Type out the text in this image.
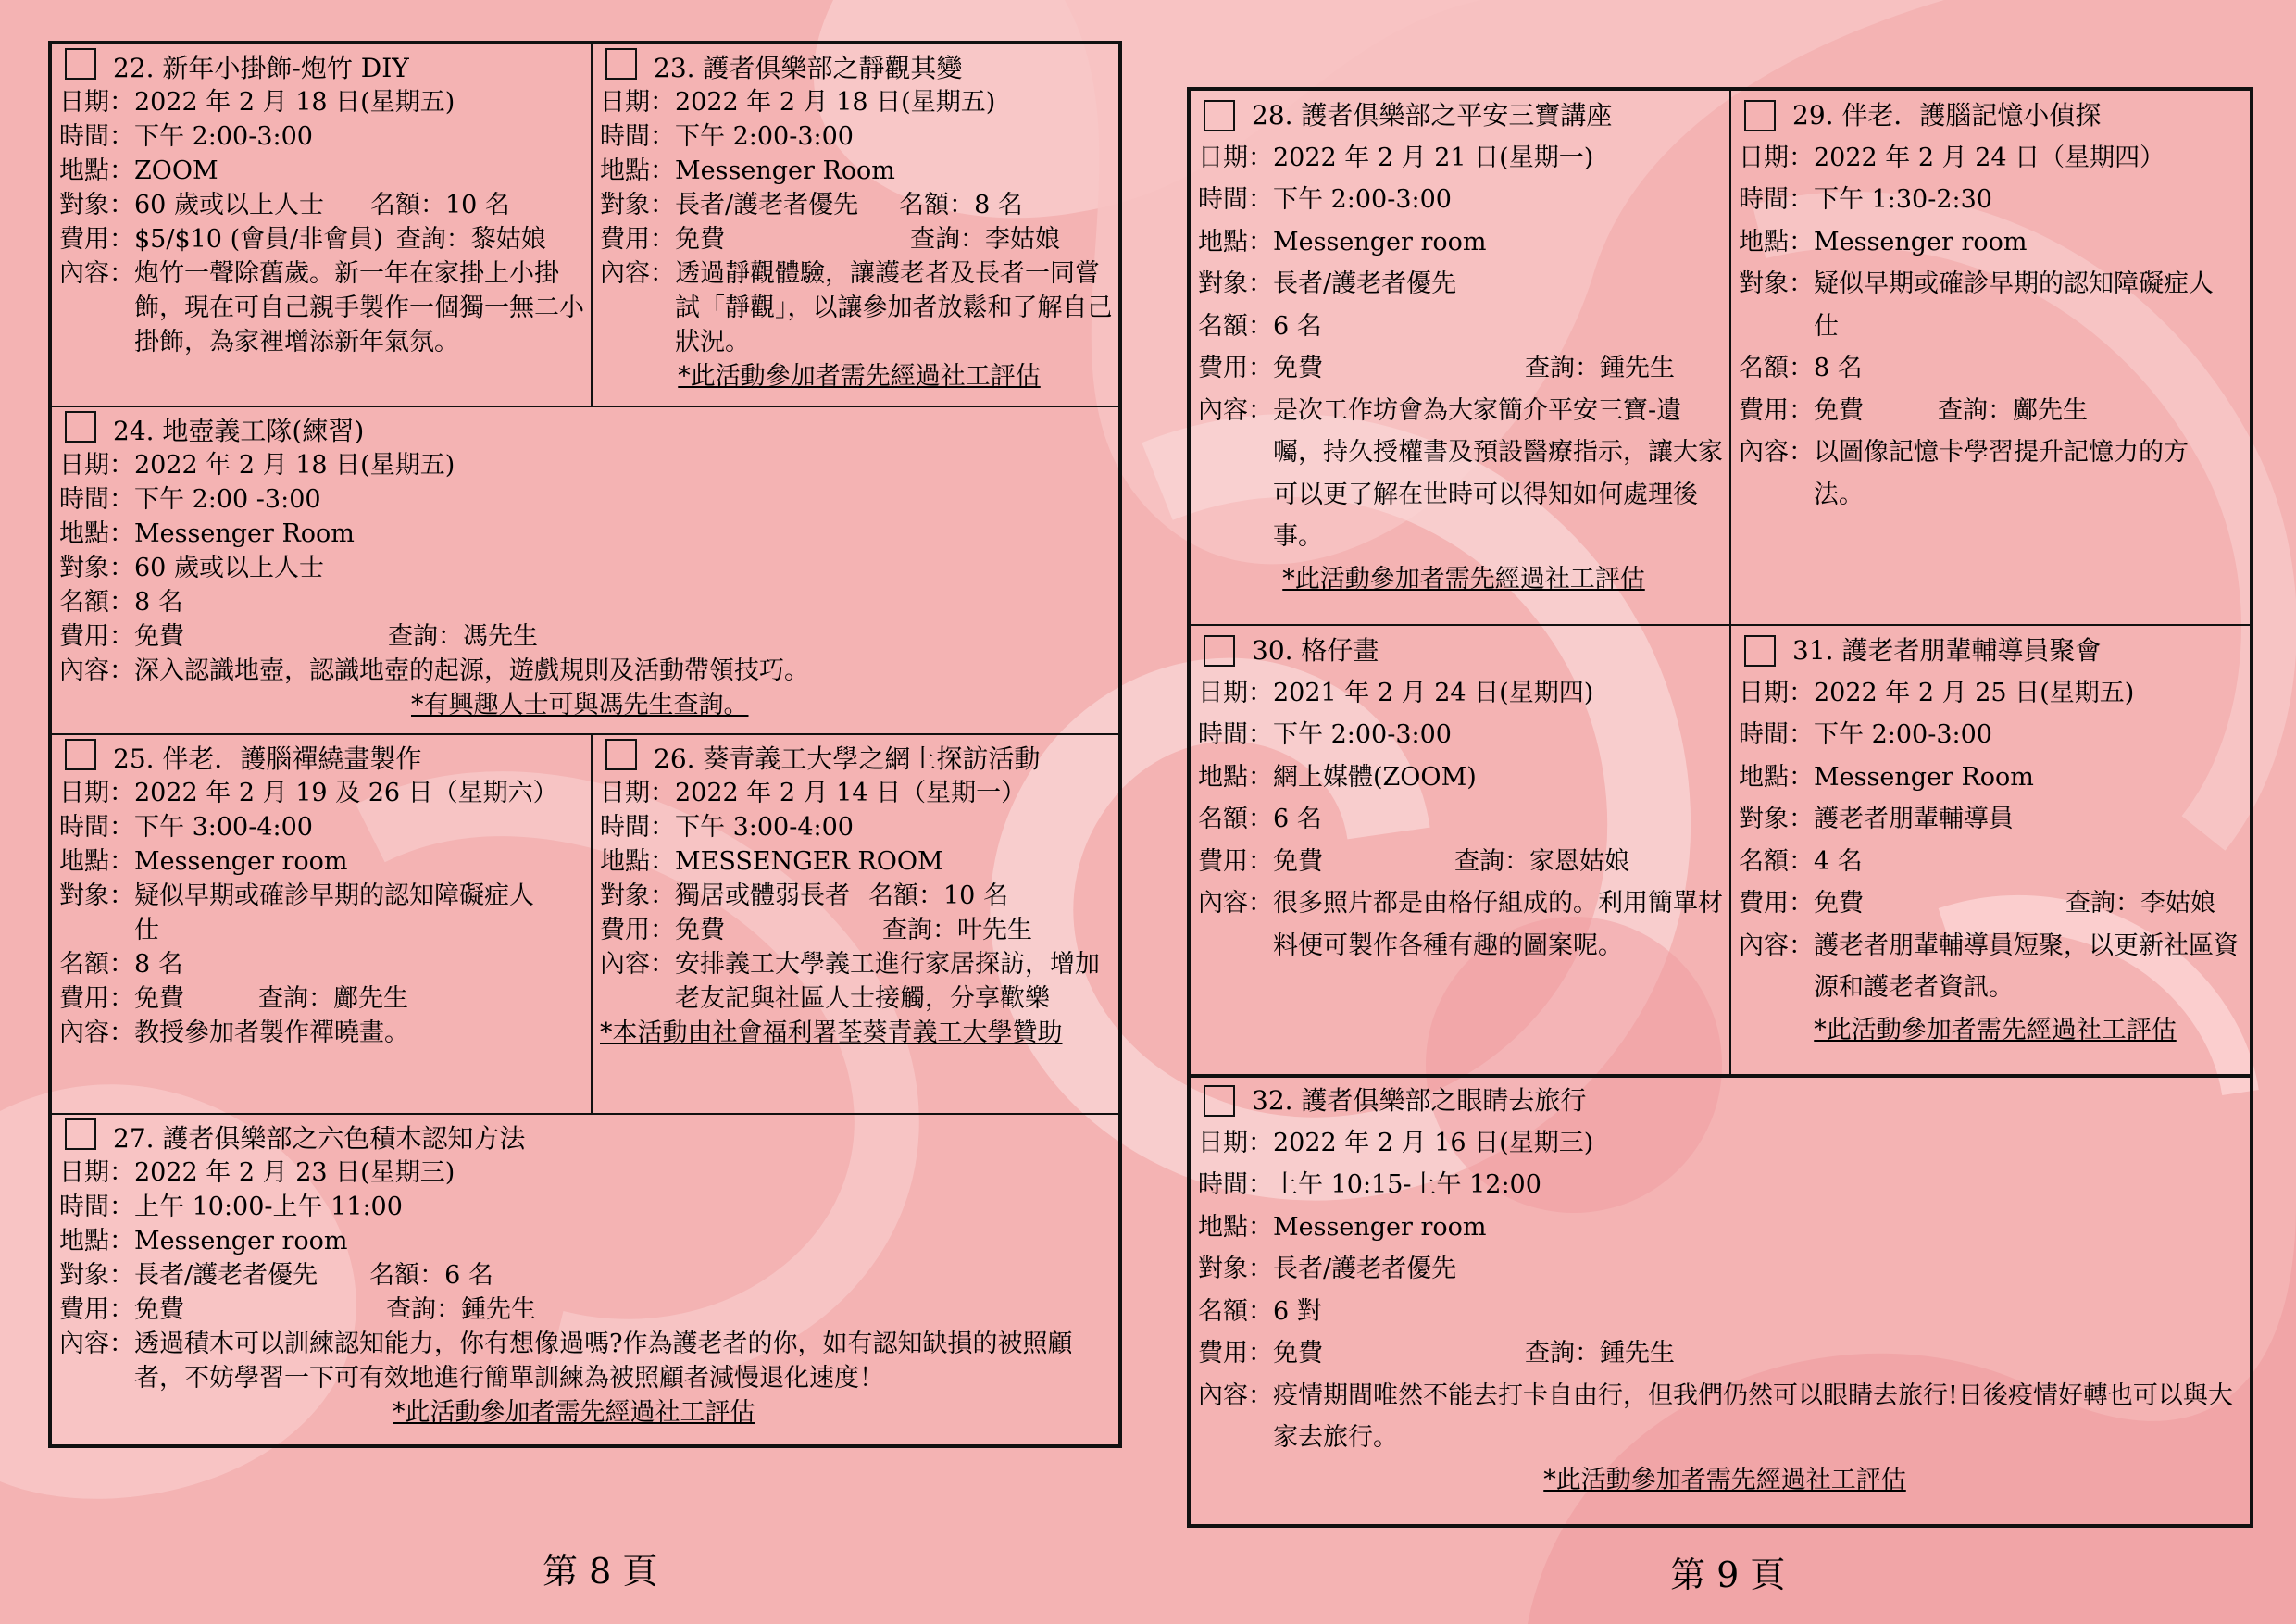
22. 新年小掛飾-炮竹 DIY
日期： 2022 年 2 月 18 日(星期五)
時間： 下午 2:00-3:00
地點： ZOOM
對象： 60 歲或以上人士 名額： 10 名
費用： $5/$10 (會員/非會員) 查詢： 黎姑娘
內容： 炮竹一聲除舊歲。新一年在家掛上小掛飾，現在可自己親手製作一個獨一無二小掛飾，為家裡增添新年氣氛。
23. 護者俱樂部之靜觀其變
日期： 2022 年 2 月 18 日(星期五)
時間： 下午 2:00-3:00
地點： Messenger Room
對象： 長者/護老者優先 名額： 8 名
費用： 免費	查詢： 李姑娘
內容： 透過靜觀體驗，讓護老者及長者一同嘗試「靜觀」，以讓參加者放鬆和了解自己狀況。
*此活動參加者需先經過社工評估
24. 地壺義工隊(練習)
日期： 2022 年 2 月 18 日(星期五)
時間： 下午 2:00 -3:00
地點： Messenger Room
對象： 60 歲或以上人士
名額： 8 名
費用： 免費	查詢： 馮先生
內容： 深入認識地壺，認識地壺的起源，遊戲規則及活動帶領技巧。
*有興趣人士可與馮先生查詢。
25. 伴老．護腦禪繞畫製作
日期： 2022 年 2 月 19 及 26 日（星期六）
時間： 下午 3:00-4:00
地點： Messenger room
對象： 疑似早期或確診早期的認知障礙症人仕
名額： 8 名
費用： 免費	查詢： 鄺先生
內容： 教授參加者製作禪曉畫。
26. 葵青義工大學之網上探訪活動
日期： 2022 年 2 月 14 日（星期一）
時間： 下午 3:00-4:00
地點： MESSENGER ROOM
對象： 獨居或體弱長者 名額： 10 名
費用： 免費	查詢： 叶先生
內容： 安排義工大學義工進行家居探訪，增加老友記與社區人士接觸，分享歡樂
*本活動由社會福利署荃葵青義工大學贊助
27. 護者俱樂部之六色積木認知方法
日期： 2022 年 2 月 23 日(星期三)
時間： 上午 10:00-上午 11:00
地點： Messenger room
對象： 長者/護老者優先 名額： 6 名
費用： 免費	查詢： 鍾先生
內容： 透過積木可以訓練認知能力，你有想像過嗎?作為護老者的你，如有認知缺損的被照顧者，不妨學習一下可有效地進行簡單訓練為被照顧者減慢退化速度！
*此活動參加者需先經過社工評估
第 8 頁
28. 護者俱樂部之平安三寶講座
日期： 2022 年 2 月 21 日(星期一)
時間： 下午 2:00-3:00
地點： Messenger room
對象： 長者/護老者優先
名額： 6 名
費用： 免費	查詢： 鍾先生
內容： 是次工作坊會為大家簡介平安三寶-遺囑，持久授權書及預設醫療指示，讓大家可以更了解在世時可以得知如何處理後事。
*此活動參加者需先經過社工評估
29. 伴老．護腦記憶小偵探
日期： 2022 年 2 月 24 日（星期四）
時間： 下午 1:30-2:30
地點： Messenger room
對象： 疑似早期或確診早期的認知障礙症人仕
名額： 8 名
費用： 免費	查詢： 鄺先生
內容： 以圖像記憶卡學習提升記憶力的方法。
30. 格仔畫
日期： 2021 年 2 月 24 日(星期四)
時間： 下午 2:00-3:00
地點： 網上媒體(ZOOM)
名額： 6 名
費用： 免費	查詢： 家恩姑娘
內容： 很多照片都是由格仔組成的。利用簡單材料便可製作各種有趣的圖案呢。
31. 護老者朋輩輔導員聚會
日期： 2022 年 2 月 25 日(星期五)
時間： 下午 2:00-3:00
地點： Messenger Room
對象： 護老者朋輩輔導員
名額： 4 名
費用： 免費	查詢： 李姑娘
內容： 護老者朋輩輔導員短聚，以更新社區資源和護老者資訊。
*此活動參加者需先經過社工評估
32. 護者俱樂部之眼睛去旅行
日期： 2022 年 2 月 16 日(星期三)
時間： 上午 10:15-上午 12:00
地點： Messenger room
對象： 長者/護老者優先
名額： 6 對
費用： 免費	查詢： 鍾先生
內容： 疫情期間唯然不能去打卡自由行，但我們仍然可以眼睛去旅行!日後疫情好轉也可以與大家去旅行。
*此活動參加者需先經過社工評估
第 9 頁
